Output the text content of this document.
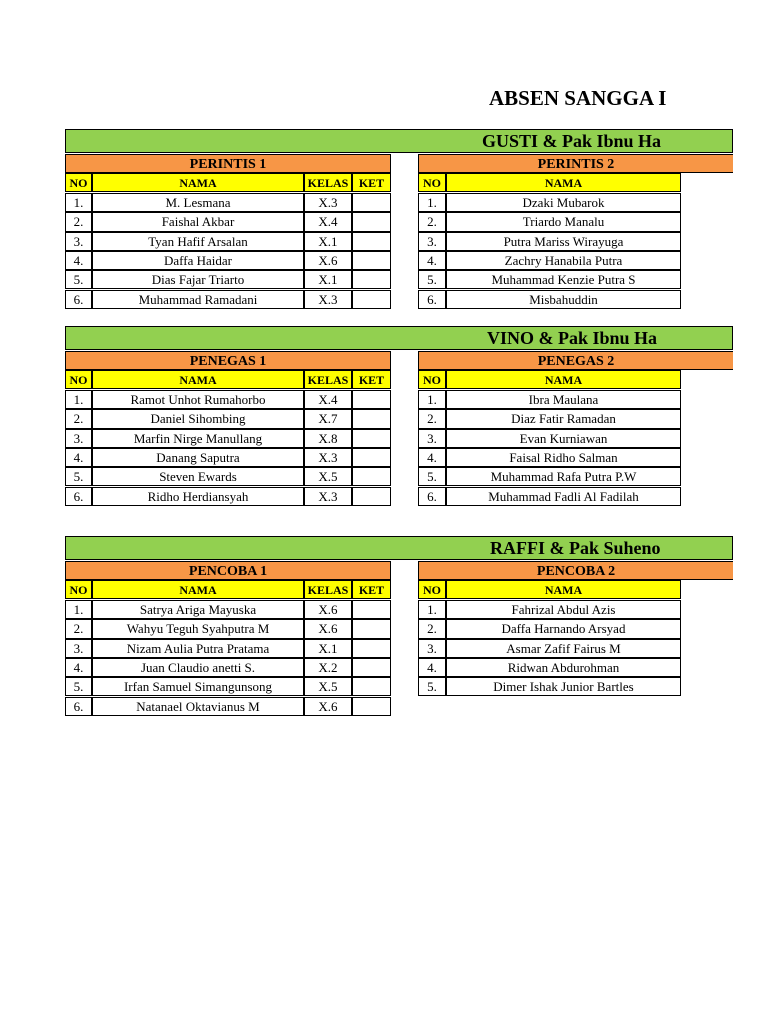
ABSEN SANGGA I
GUSTI & Pak Ibnu Ha
PERINTIS 1	PERINTIS 2
NO	NAMA	KELAS KET	NO	NAMA
1.	M. Lesmana	X.3
2.	Faishal Akbar	X.4
3.	Tyan Hafif Arsalan	X.1
4.	Daffa Haidar	X.6
5.	Dias Fajar Triarto	X.1
6.	Muhammad Ramadani	X.3
1.	Dzaki Mubarok
2.	Triardo Manalu
3.	Putra Mariss Wirayuga
4.	Zachry Hanabila Putra
5.	Muhammad Kenzie Putra S
6.	Misbahuddin
VINO & Pak Ibnu Ha
PENEGAS 1	PENEGAS 2
NO	NAMA	KELAS KET	NO	NAMA
1.	Ramot Unhot Rumahorbo	X.4
2.	Daniel Sihombing	X.7
3.	Marfin Nirge Manullang	X.8
4.	Danang Saputra	X.3
5.	Steven Ewards	X.5
6.	Ridho Herdiansyah	X.3
1.	Ibra Maulana
2.	Diaz Fatir Ramadan
3.	Evan Kurniawan
4.	Faisal Ridho Salman
5.	Muhammad Rafa Putra P.W
6.	Muhammad Fadli Al Fadilah
RAFFI & Pak Suheno
PENCOBA 1	PENCOBA 2
NO	NAMA	KELAS KET	NO	NAMA
1.	Satrya Ariga Mayuska	X.6
2.	Wahyu Teguh Syahputra M	X.6
3.	Nizam Aulia Putra Pratama	X.1
4.	Juan Claudio anetti S.	X.2
5.	Irfan Samuel Simangunsong	X.5
6.	Natanael Oktavianus M	X.6
1.	Fahrizal Abdul Azis
2.	Daffa Harnando Arsyad
3.	Asmar Zafif Fairus M
4.	Ridwan Abdurohman
5.	Dimer Ishak Junior Bartles
